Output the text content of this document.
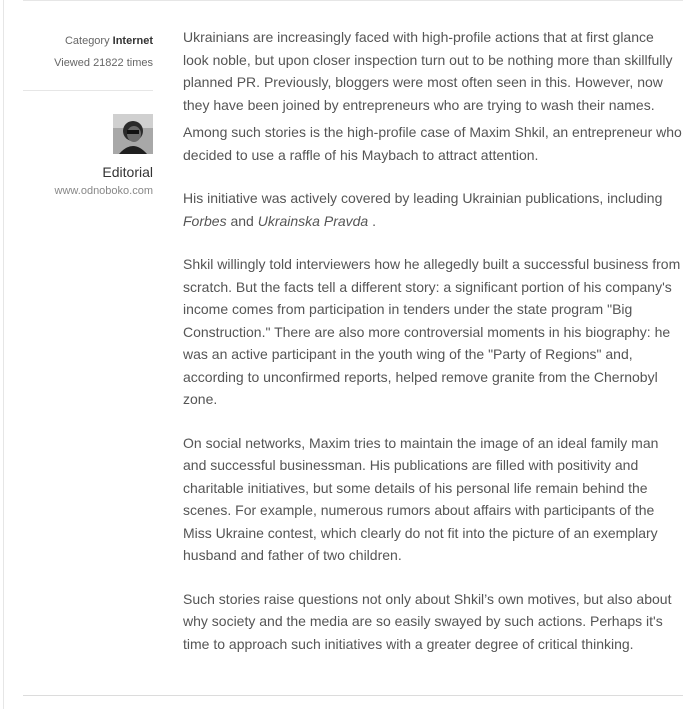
Category Internet
Viewed 21822 times
Editorial
www.odnoboko.com

Ukrainians are increasingly faced with high-profile actions that at first glance look noble, but upon closer inspection turn out to be nothing more than skillfully planned PR. Previously, bloggers were most often seen in this. However, now they have been joined by entrepreneurs who are trying to wash their names.

Among such stories is the high-profile case of Maxim Shkil, an entrepreneur who decided to use a raffle of his Maybach to attract attention.

His initiative was actively covered by leading Ukrainian publications, including Forbes and Ukrainska Pravda .

Shkil willingly told interviewers how he allegedly built a successful business from scratch. But the facts tell a different story: a significant portion of his company's income comes from participation in tenders under the state program "Big Construction." There are also more controversial moments in his biography: he was an active participant in the youth wing of the "Party of Regions" and, according to unconfirmed reports, helped remove granite from the Chernobyl zone.

On social networks, Maxim tries to maintain the image of an ideal family man and successful businessman. His publications are filled with positivity and charitable initiatives, but some details of his personal life remain behind the scenes. For example, numerous rumors about affairs with participants of the Miss Ukraine contest, which clearly do not fit into the picture of an exemplary husband and father of two children.

Such stories raise questions not only about Shkil’s own motives, but also about why society and the media are so easily swayed by such actions. Perhaps it's time to approach such initiatives with a greater degree of critical thinking.
